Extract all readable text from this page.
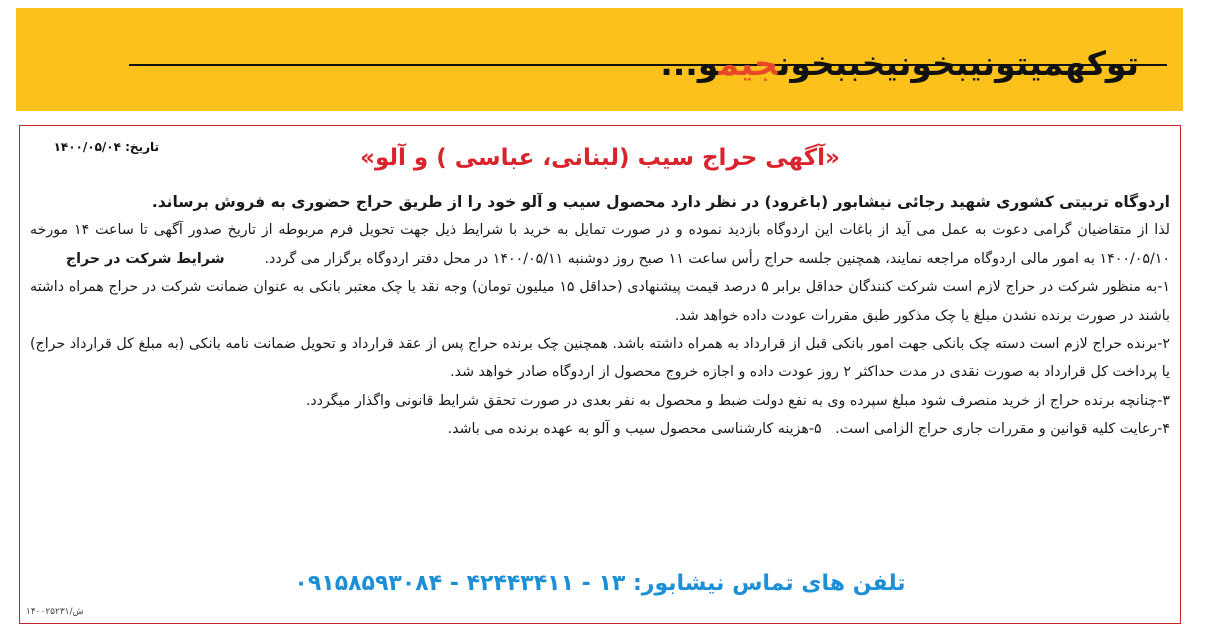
توکهمیتونیبخونیخببخونجیمو...
تاریخ: ۱۴۰۰/۰۵/۰۴	«آگهی حراج سیب (لبنانی، عباسی ) و آلو»

اردوگاه تربیتی کشوری شهید رجائی نیشابور (باغرود) در نظر دارد محصول سیب و آلو خود را از طریق حراج حضوری به فروش برساند.

لذا از متقاضیان گرامی دعوت به عمل می آید از باغات این اردوگاه بازدید نموده و در صورت تمایل به خرید با شرایط ذیل جهت تحویل فرم مربوطه از تاریخ صدور آگهی تا ساعت ۱۴ مورخه ۱۴۰۰/۰۵/۱۰ به امور مالی اردوگاه مراجعه نمایند، همچنین جلسه حراج رأس ساعت ۱۱ صبح روز دوشنبه ۱۴۰۰/۰۵/۱۱ در محل دفتر اردوگاه برگزار می گردد.شرایط شرکت در حراج

۱-به منظور شرکت در حراج لازم است شرکت کنندگان حداقل برابر ۵ درصد قیمت پیشنهادی (حداقل ۱۵ میلیون تومان) وجه نقد یا چک معتبر بانکی به عنوان ضمانت شرکت در حراج همراه داشته باشند در صورت برنده نشدن مبلغ یا چک مذکور طبق مقررات عودت داده خواهد شد.

۲-برنده حراج لازم است دسته چک بانکی جهت امور بانکی قبل از قرارداد به همراه داشته باشد. همچنین چک برنده حراج پس از عقد قرارداد و تحویل ضمانت نامه بانکی (به مبلغ کل قرارداد حراج) یا پرداخت کل قرارداد به صورت نقدی در مدت حداکثر ۲ روز عودت داده و اجازه خروج محصول از اردوگاه صادر خواهد شد.

۳-چنانچه برنده حراج از خرید منصرف شود مبلغ سپرده وی به نفع دولت ضبط و محصول به نفر بعدی در صورت تحقق شرایط قانونی واگذار میگردد.

۴-رعایت کلیه قوانین و مقررات جاری حراج الزامی است.   ۵-هزینه کارشناسی محصول سیب و آلو به عهده برنده می باشد.

تلفن های تماس نیشابور: ۱۳ - ۴۲۴۴۳۴۱۱ - ۰۹۱۵۸۵۹۳۰۸۴
۱۴۰۰۲۵۲۳۱/ش
